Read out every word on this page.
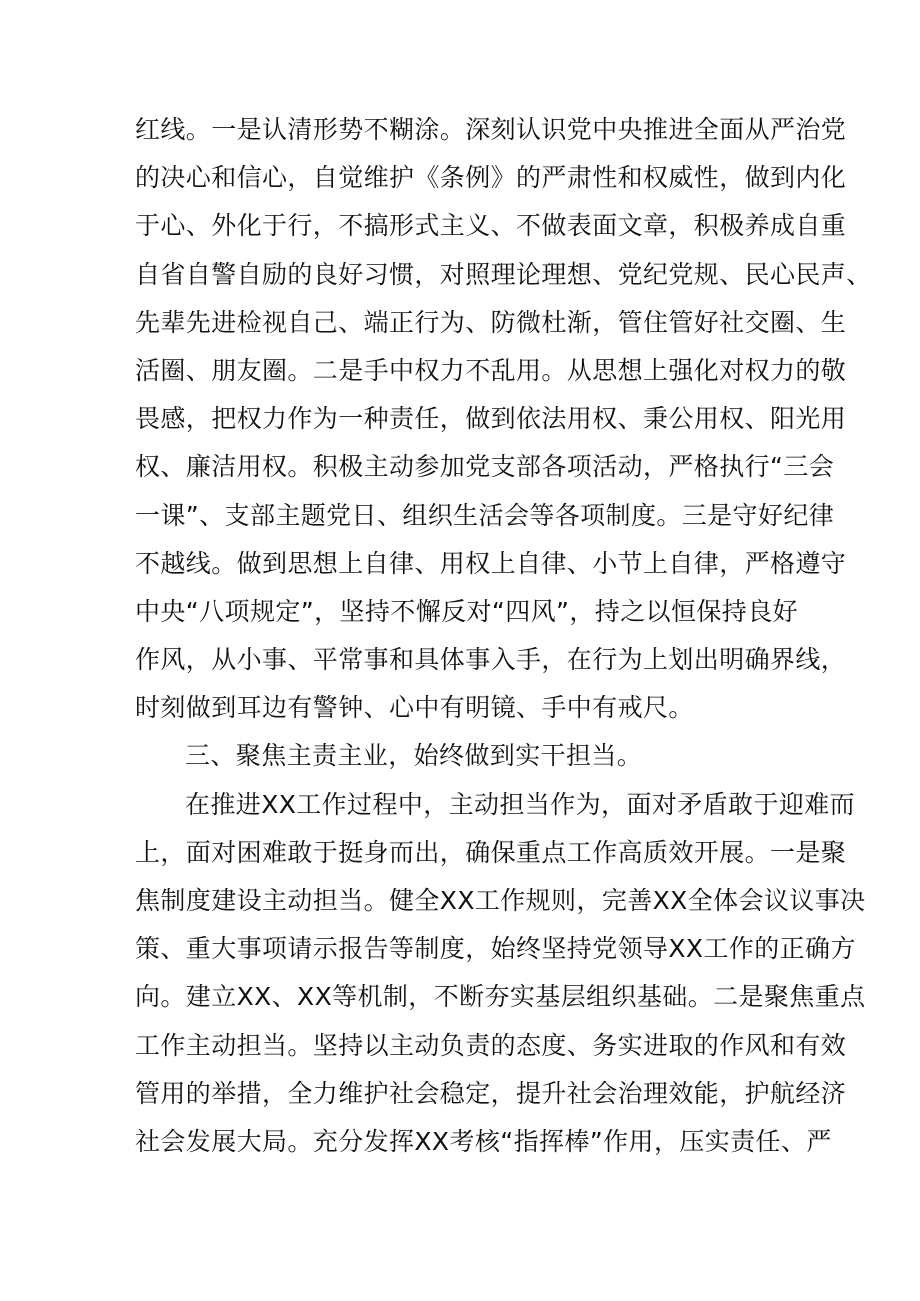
红线。一是认清形势不糊涂。深刻认识党中央推进全面从严治党
的决心和信心，自觉维护《条例》的严肃性和权威性，做到内化
于心、外化于行，不搞形式主义、不做表面文章，积极养成自重
自省自警自励的良好习惯，对照理论理想、党纪党规、民心民声、
先辈先进检视自己、端正行为、防微杜渐，管住管好社交圈、生
活圈、朋友圈。二是手中权力不乱用。从思想上强化对权力的敬
畏感，把权力作为一种责任，做到依法用权、秉公用权、阳光用
权、廉洁用权。积极主动参加党支部各项活动，严格执行“三会
一课”、支部主题党日、组织生活会等各项制度。三是守好纪律
不越线。做到思想上自律、用权上自律、小节上自律，严格遵守
中央“八项规定”，坚持不懈反对“四风”，持之以恒保持良好
作风，从小事、平常事和具体事入手，在行为上划出明确界线，
时刻做到耳边有警钟、心中有明镜、手中有戒尺。
三、聚焦主责主业，始终做到实干担当。
在推进XX工作过程中，主动担当作为，面对矛盾敢于迎难而
上，面对困难敢于挺身而出，确保重点工作高质效开展。一是聚
焦制度建设主动担当。健全XX工作规则，完善XX全体会议议事决
策、重大事项请示报告等制度，始终坚持党领导XX工作的正确方
向。建立XX、XX等机制，不断夯实基层组织基础。二是聚焦重点
工作主动担当。坚持以主动负责的态度、务实进取的作风和有效
管用的举措，全力维护社会稳定，提升社会治理效能，护航经济
社会发展大局。充分发挥XX考核“指挥棒”作用，压实责任、严
